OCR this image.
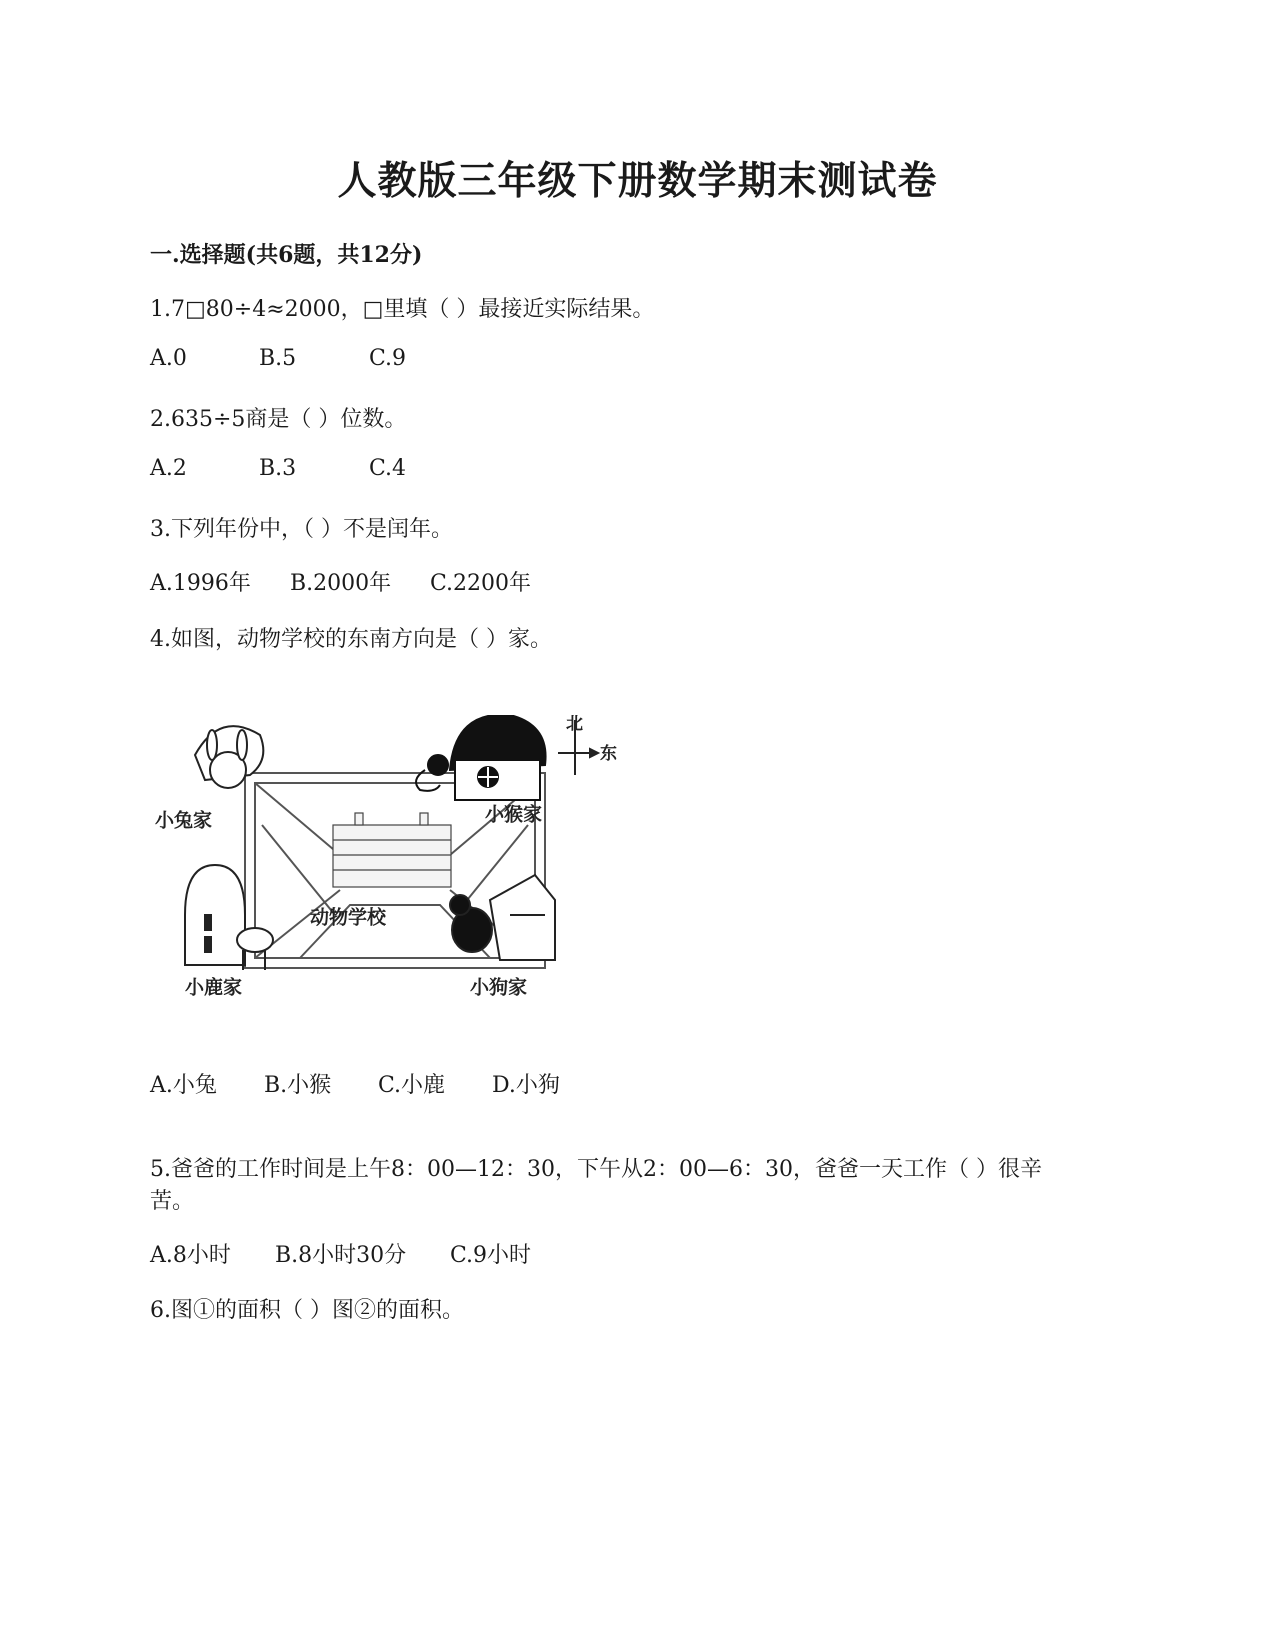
人教版三年级下册数学期末测试卷
一.选择题(共6题，共12分)
1.7□80÷4≈2000，□里填（ ）最接近实际结果。
A.0	B.5	C.9
2.635÷5商是（ ）位数。
A.2	B.3	C.4
3.下列年份中，（ ）不是闰年。
A.1996年 B.2000年 C.2200年
4.如图，动物学校的东南方向是（ ）家。
北
东
动物学校
小兔家	小猴家
小鹿家	小狗家
A.小兔 B.小猴 C.小鹿 D.小狗
5.爸爸的工作时间是上午8：00—12：30，下午从2：00—6：30，爸爸一天工作（ ）很辛
苦。
A.8小时 B.8小时30分 C.9小时
6.图①的面积（ ）图②的面积。
